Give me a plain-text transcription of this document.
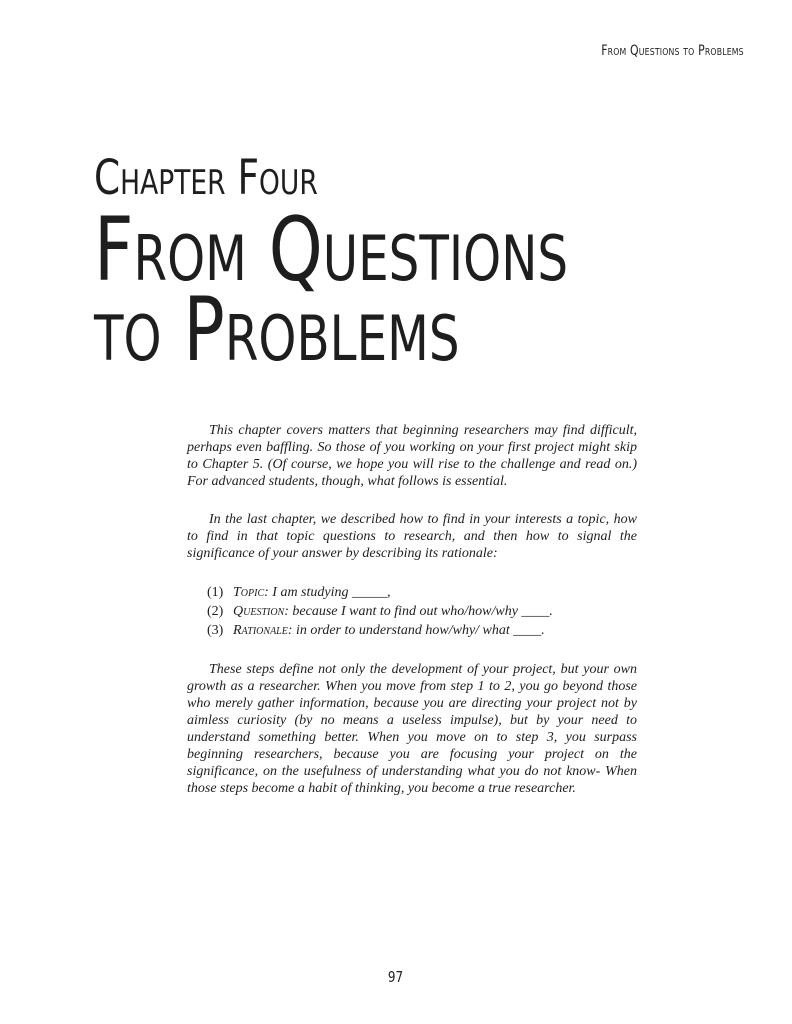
From Questions to Problems
Chapter Four
From Questions
to Problems

This chapter covers matters that beginning researchers may find difficult, perhaps even baffling. So those of you working on your first project might skip to Chapter 5. (Of course, we hope you will rise to the challenge and read on.) For advanced students, though, what follows is essential.

In the last chapter, we described how to find in your interests a topic, how to find in that topic questions to research, and then how to signal the significance of your answer by describing its rationale:

(1) Topic: I am studying _____,
(2) Question: because I want to find out who/how/why ____.
(3) Rationale: in order to understand how/why/ what ____.

These steps define not only the development of your project, but your own growth as a researcher. When you move from step 1 to 2, you go beyond those who merely gather information, because you are directing your project not by aimless curiosity (by no means a useless impulse), but by your need to understand something better. When you move on to step 3, you surpass beginning researchers, because you are focusing your project on the significance, on the usefulness of understanding what you do not know- When those steps become a habit of thinking, you become a true researcher.

97
